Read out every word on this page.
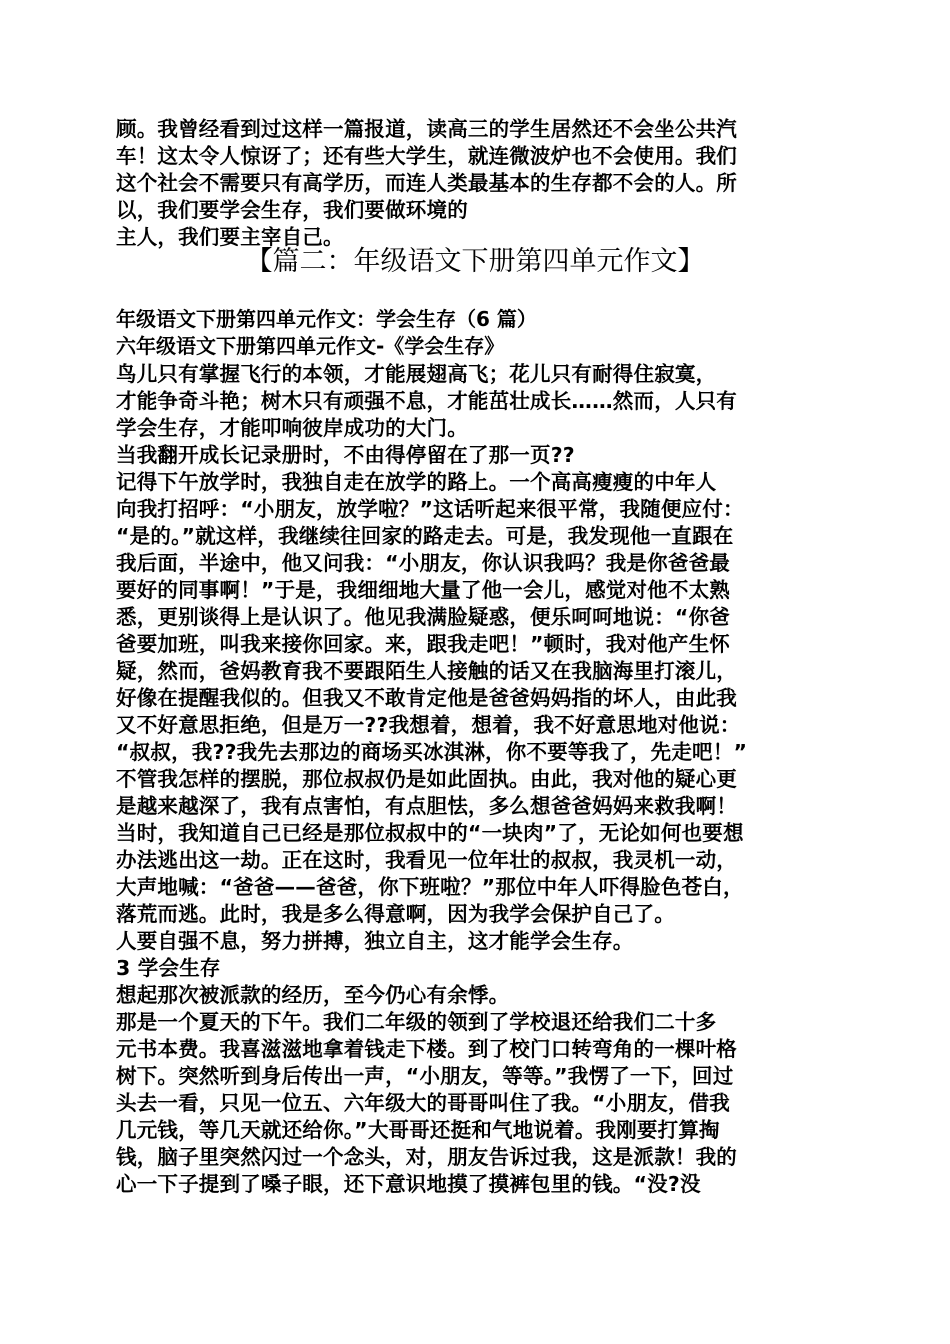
顾。我曾经看到过这样一篇报道，读高三的学生居然还不会坐公共汽
车！这太令人惊讶了；还有些大学生，就连微波炉也不会使用。我们
这个社会不需要只有高学历，而连人类最基本的生存都不会的人。所
以，我们要学会生存，我们要做环境的
主人，我们要主宰自己。
【篇二：年级语文下册第四单元作文】
年级语文下册第四单元作文：学会生存（6 篇）
六年级语文下册第四单元作文-《学会生存》
鸟儿只有掌握飞行的本领，才能展翅高飞；花儿只有耐得住寂寞，
才能争奇斗艳；树木只有顽强不息，才能茁壮成长……然而，人只有
学会生存，才能叩响彼岸成功的大门。
当我翻开成长记录册时，不由得停留在了那一页??
记得下午放学时，我独自走在放学的路上。一个高高瘦瘦的中年人
向我打招呼：“小朋友，放学啦？”这话听起来很平常，我随便应付：
“是的。”就这样，我继续往回家的路走去。可是，我发现他一直跟在
我后面，半途中，他又问我：“小朋友，你认识我吗？我是你爸爸最
要好的同事啊！”于是，我细细地大量了他一会儿，感觉对他不太熟
悉，更别谈得上是认识了。他见我满脸疑惑，便乐呵呵地说：“你爸
爸要加班，叫我来接你回家。来，跟我走吧！”顿时，我对他产生怀
疑，然而，爸妈教育我不要跟陌生人接触的话又在我脑海里打滚儿，
好像在提醒我似的。但我又不敢肯定他是爸爸妈妈指的坏人，由此我
又不好意思拒绝，但是万一??我想着，想着，我不好意思地对他说：
“叔叔，我??我先去那边的商场买冰淇淋，你不要等我了，先走吧！”
不管我怎样的摆脱，那位叔叔仍是如此固执。由此，我对他的疑心更
是越来越深了，我有点害怕，有点胆怯，多么想爸爸妈妈来救我啊！
当时，我知道自己已经是那位叔叔中的“一块肉”了，无论如何也要想
办法逃出这一劫。正在这时，我看见一位年壮的叔叔，我灵机一动，
大声地喊：“爸爸——爸爸，你下班啦？”那位中年人吓得脸色苍白，
落荒而逃。此时，我是多么得意啊，因为我学会保护自己了。
人要自强不息，努力拼搏，独立自主，这才能学会生存。
3 学会生存
想起那次被派款的经历，至今仍心有余悸。
那是一个夏天的下午。我们二年级的领到了学校退还给我们二十多
元书本费。我喜滋滋地拿着钱走下楼。到了校门口转弯角的一棵叶格
树下。突然听到身后传出一声，“小朋友，等等。”我愣了一下，回过
头去一看，只见一位五、六年级大的哥哥叫住了我。“小朋友，借我
几元钱，等几天就还给你。”大哥哥还挺和气地说着。我刚要打算掏
钱，脑子里突然闪过一个念头，对，朋友告诉过我，这是派款！我的
心一下子提到了嗓子眼，还下意识地摸了摸裤包里的钱。“没?没
